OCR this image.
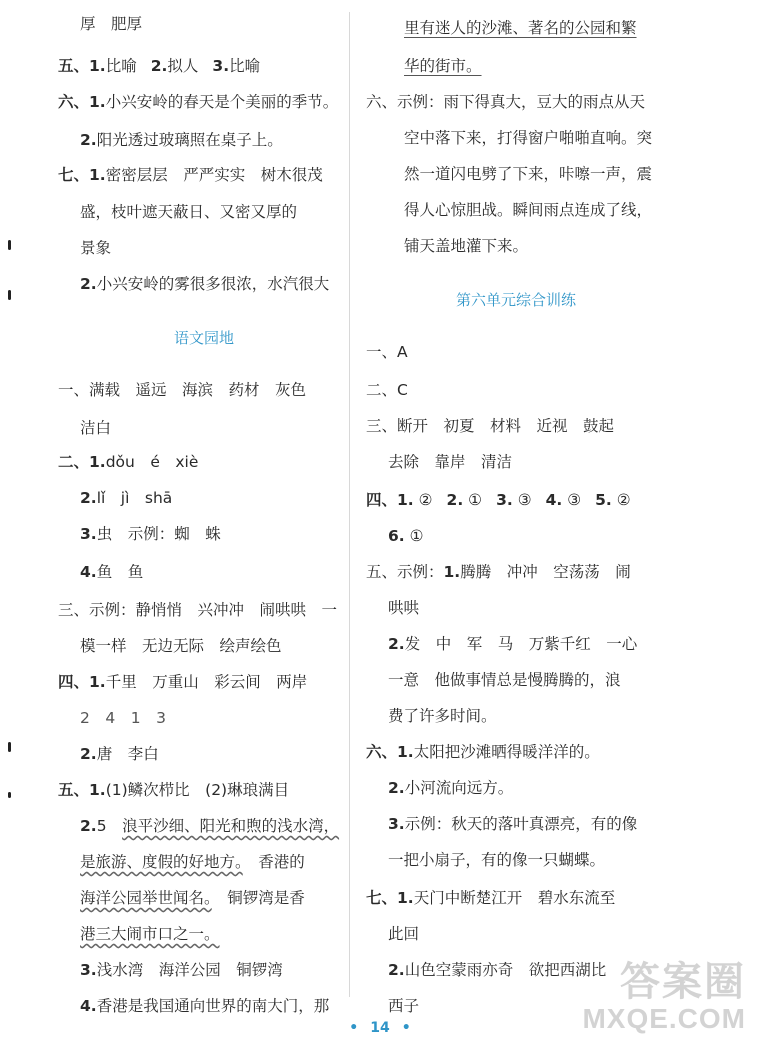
厚　肥厚
五、1.比喻 2.拟人 3.比喻
六、1.小兴安岭的春天是个美丽的季节。
2.阳光透过玻璃照在桌子上。
七、1.密密层层　严严实实　树木很茂
盛，枝叶遮天蔽日、又密又厚的
景象
2.小兴安岭的雾很多很浓，水汽很大
语文园地
一、满载　遥远　海滨　药材　灰色
洁白
二、1.dǒu　é　xiè
2.lǐ　jì　shā
3.虫　示例：蜘　蛛
4.鱼　鱼
三、示例：静悄悄　兴冲冲　闹哄哄　一
模一样　无边无际　绘声绘色
四、1.千里　万重山　彩云间　两岸
2　4　1　3
2.唐　李白
五、1.(1)鳞次栉比　(2)琳琅满目
2.5　浪平沙细、阳光和煦的浅水湾，
是旅游、度假的好地方。　香港的
海洋公园举世闻名。　铜锣湾是香
港三大闹市口之一。
3.浅水湾　海洋公园　铜锣湾
4.香港是我国通向世界的南大门，那
里有迷人的沙滩、著名的公园和繁
华的街市。
六、示例：雨下得真大，豆大的雨点从天
空中落下来，打得窗户啪啪直响。突
然一道闪电劈了下来，咔嚓一声，震
得人心惊胆战。瞬间雨点连成了线，
铺天盖地灌下来。
第六单元综合训练
一、A
二、C
三、断开　初夏　材料　近视　鼓起
去除　靠岸　清洁
四、1. ② 2. ① 3. ③ 4. ③ 5. ②
6. ①
五、示例：1.腾腾　冲冲　空荡荡　闹
哄哄
2.发　中　军　马　万紫千红　一心
一意　他做事情总是慢腾腾的，浪
费了许多时间。
六、1.太阳把沙滩晒得暖洋洋的。
2.小河流向远方。
3.示例：秋天的落叶真漂亮，有的像
一把小扇子，有的像一只蝴蝶。
七、1.天门中断楚江开　碧水东流至
此回
2.山色空蒙雨亦奇　欲把西湖比
西子
• 14 •
答案圈
MXQE.COM
